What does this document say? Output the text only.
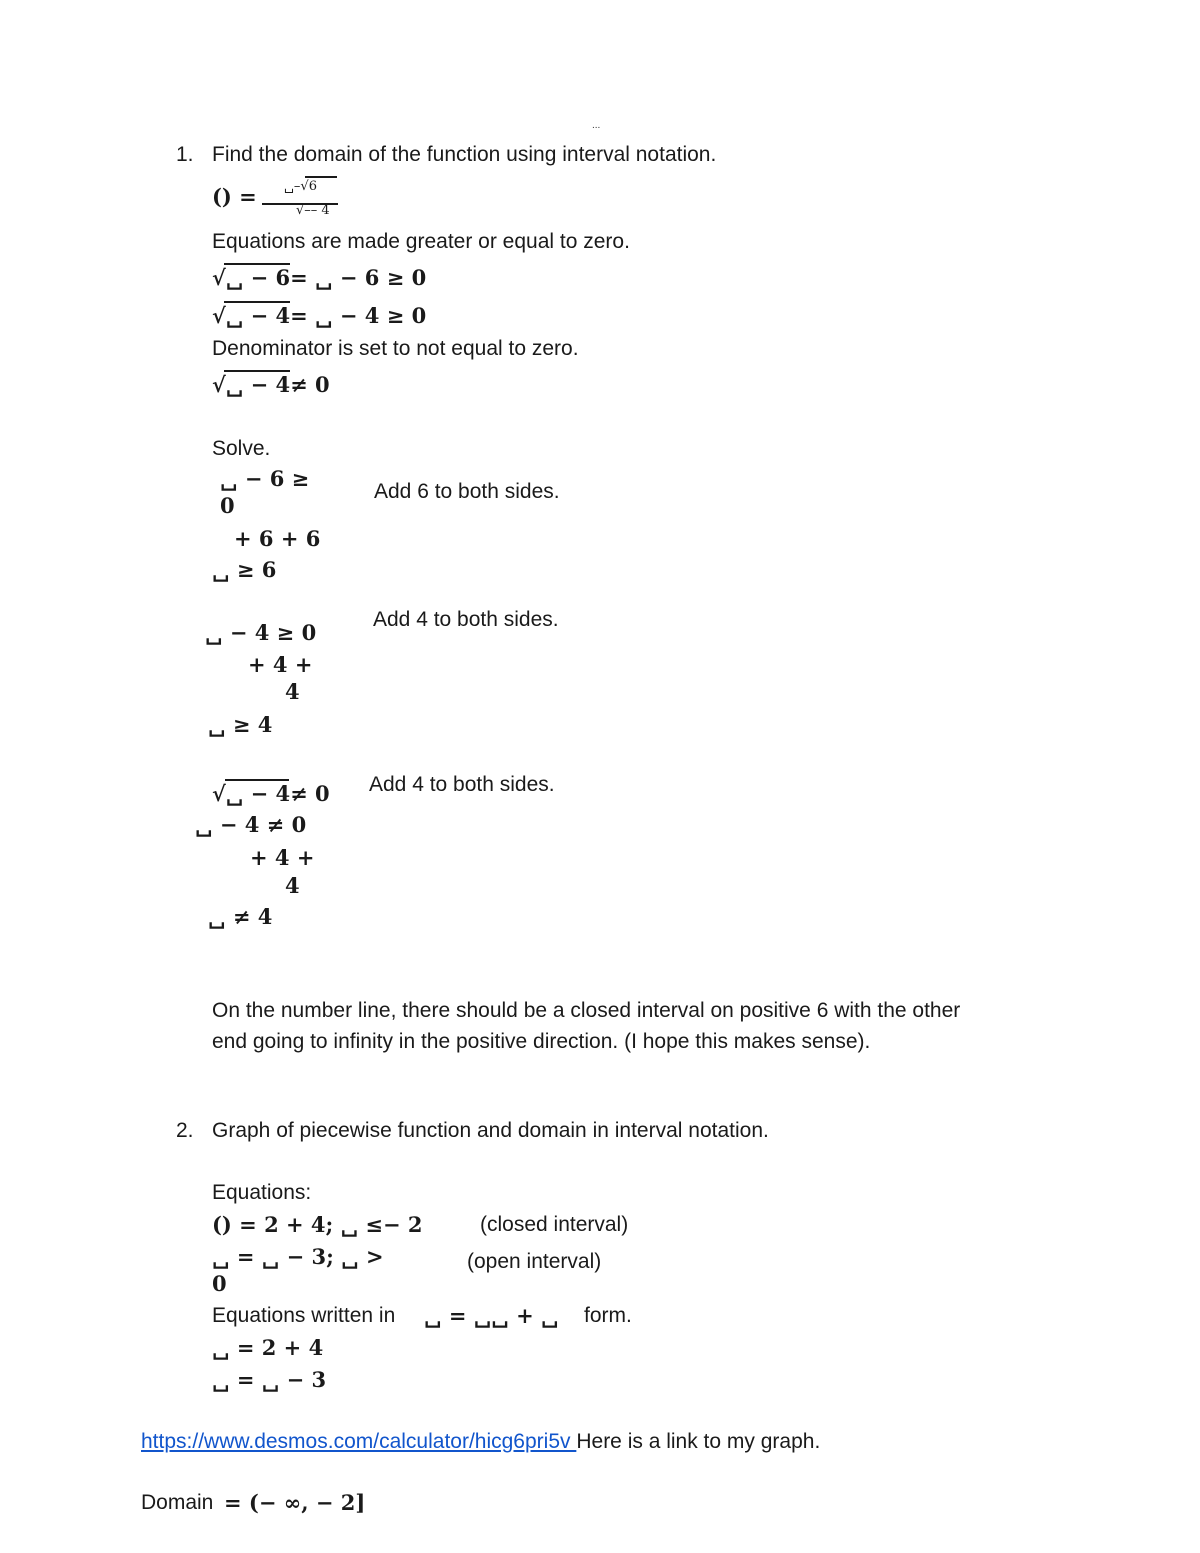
...
1. Find the domain of the function using interval notation.
() = ␣–√6
√–– 4
Equations are made greater or equal to zero.
√␣ − 6= ␣ − 6 ≥ 0
√␣ − 4= ␣ − 4 ≥ 0
Denominator is set to not equal to zero.
√␣ − 4≠ 0
Solve.
␣ − 6 ≥
0
+ 6 + 6
␣ ≥ 6
Add 6 to both sides.
␣ − 4 ≥ 0
+ 4 +
4
␣ ≥ 4
Add 4 to both sides.
√␣ − 4≠ 0
␣ − 4 ≠ 0
+ 4 +
4
␣ ≠ 4
Add 4 to both sides.
On the number line, there should be a closed interval on positive 6 with the other
end going to infinity in the positive direction. (I hope this makes sense).
2. Graph of piecewise function and domain in interval notation.
Equations:
() = 2 + 4; ␣ ≤− 2	(closed interval)
␣ = ␣ − 3; ␣ >
0
(open interval)
Equations written in ␣ = ␣␣ + ␣ form.
␣ = 2 + 4
␣ = ␣ − 3
https://www.desmos.com/calculator/hicg6pri5v Here is a link to my graph.
Domain = (− ∞, − 2]
